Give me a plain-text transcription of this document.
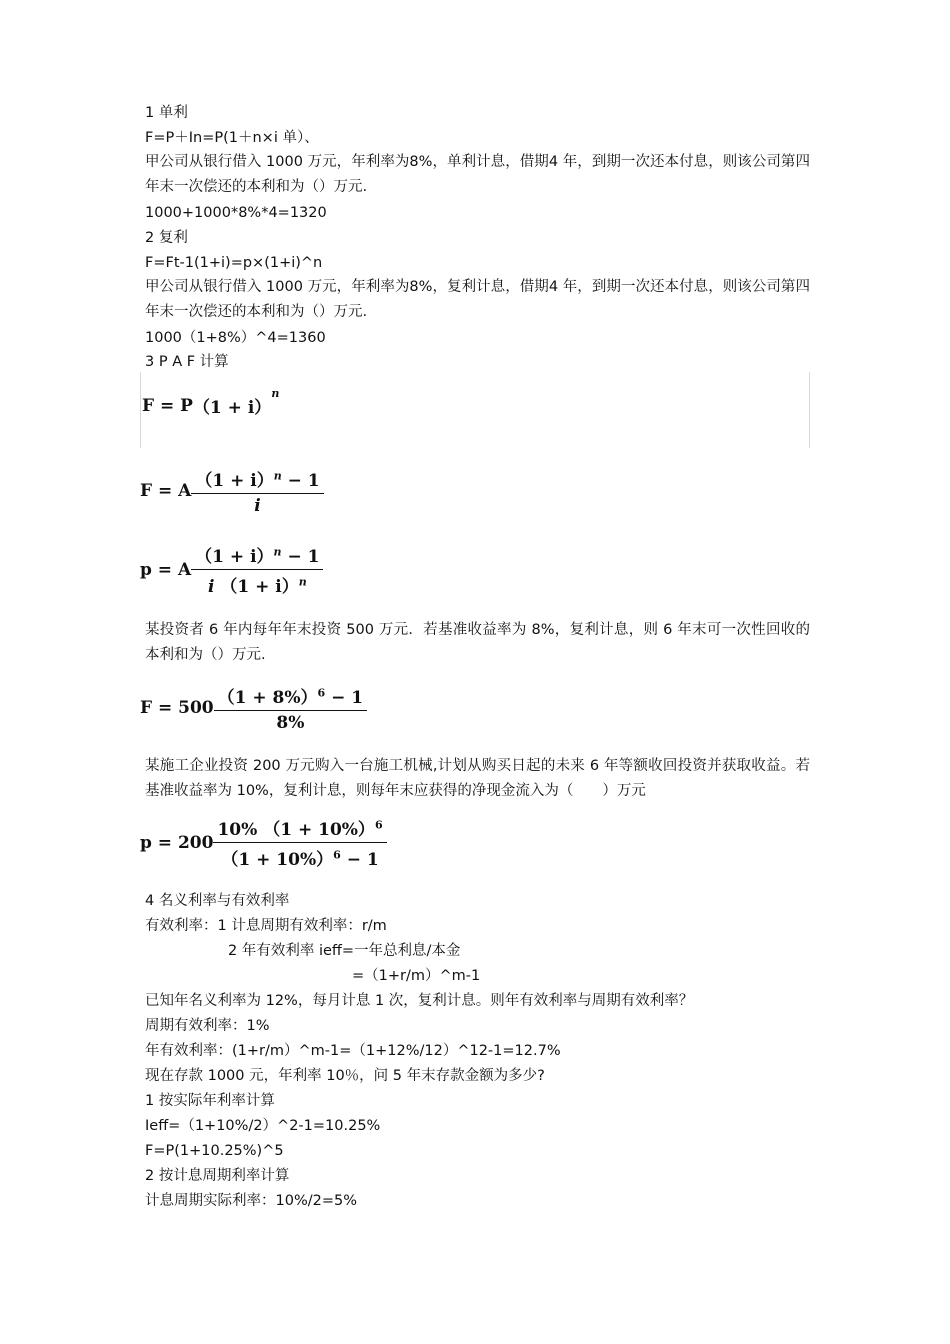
1 单利
F=P＋In=P(1＋n×i 单）、
甲公司从银行借入 1000 万元，年利率为8%，单利计息，借期4 年，到期一次还本付息，则该公司第四年末一次偿还的本利和为（）万元.
1000+1000*8%*4=1320
2 复利
F=Ft-1(1+i)=p×(1+i)^n
甲公司从银行借入 1000 万元，年利率为8%，复利计息，借期4 年，到期一次还本付息，则该公司第四年末一次偿还的本利和为（）万元.
1000（1+8%）^4=1360
3 P A F 计算
F = P （1 + i）
$^n$
F = A $\frac{(1 + i)^n - 1}{i}$
p = A $\frac{(1 + i)^n - 1}{i (1 + i)^n}$
某投资者 6 年内每年年末投资 500 万元．若基准收益率为 8%，复利计息，则 6 年末可一次性回收的本利和为（）万元.
$F = 500 \frac{(1 + 8\%)^6 - 1}{8\%}$
某施工企业投资 200 万元购入一台施工机械,计划从购买日起的未来 6 年等额收回投资并获取收益。若基准收益率为 10%，复利计息，则每年末应获得的净现金流入为（　　）万元
$p = 200 \frac{10\% (1 + 10\%)^6}{(1 + 10\%)^6 - 1}$
4 名义利率与有效利率
有效利率：1 计息周期有效利率：r/m
2 年有效利率 ieff=一年总利息/本金
=（1+r/m）^m-1
已知年名义利率为 12%，每月计息 1 次，复利计息。则年有效利率与周期有效利率？
周期有效利率：1%
年有效利率：(1+r/m）^m-1=（1+12%/12）^12-1=12.7%
现在存款 1000 元，年利率 10％，问 5 年末存款金额为多少?
1 按实际年利率计算
Ieff=（1+10%/2）^2-1=10.25%
F=P(1+10.25%)^5
2 按计息周期利率计算
计息周期实际利率：10%/2=5%
